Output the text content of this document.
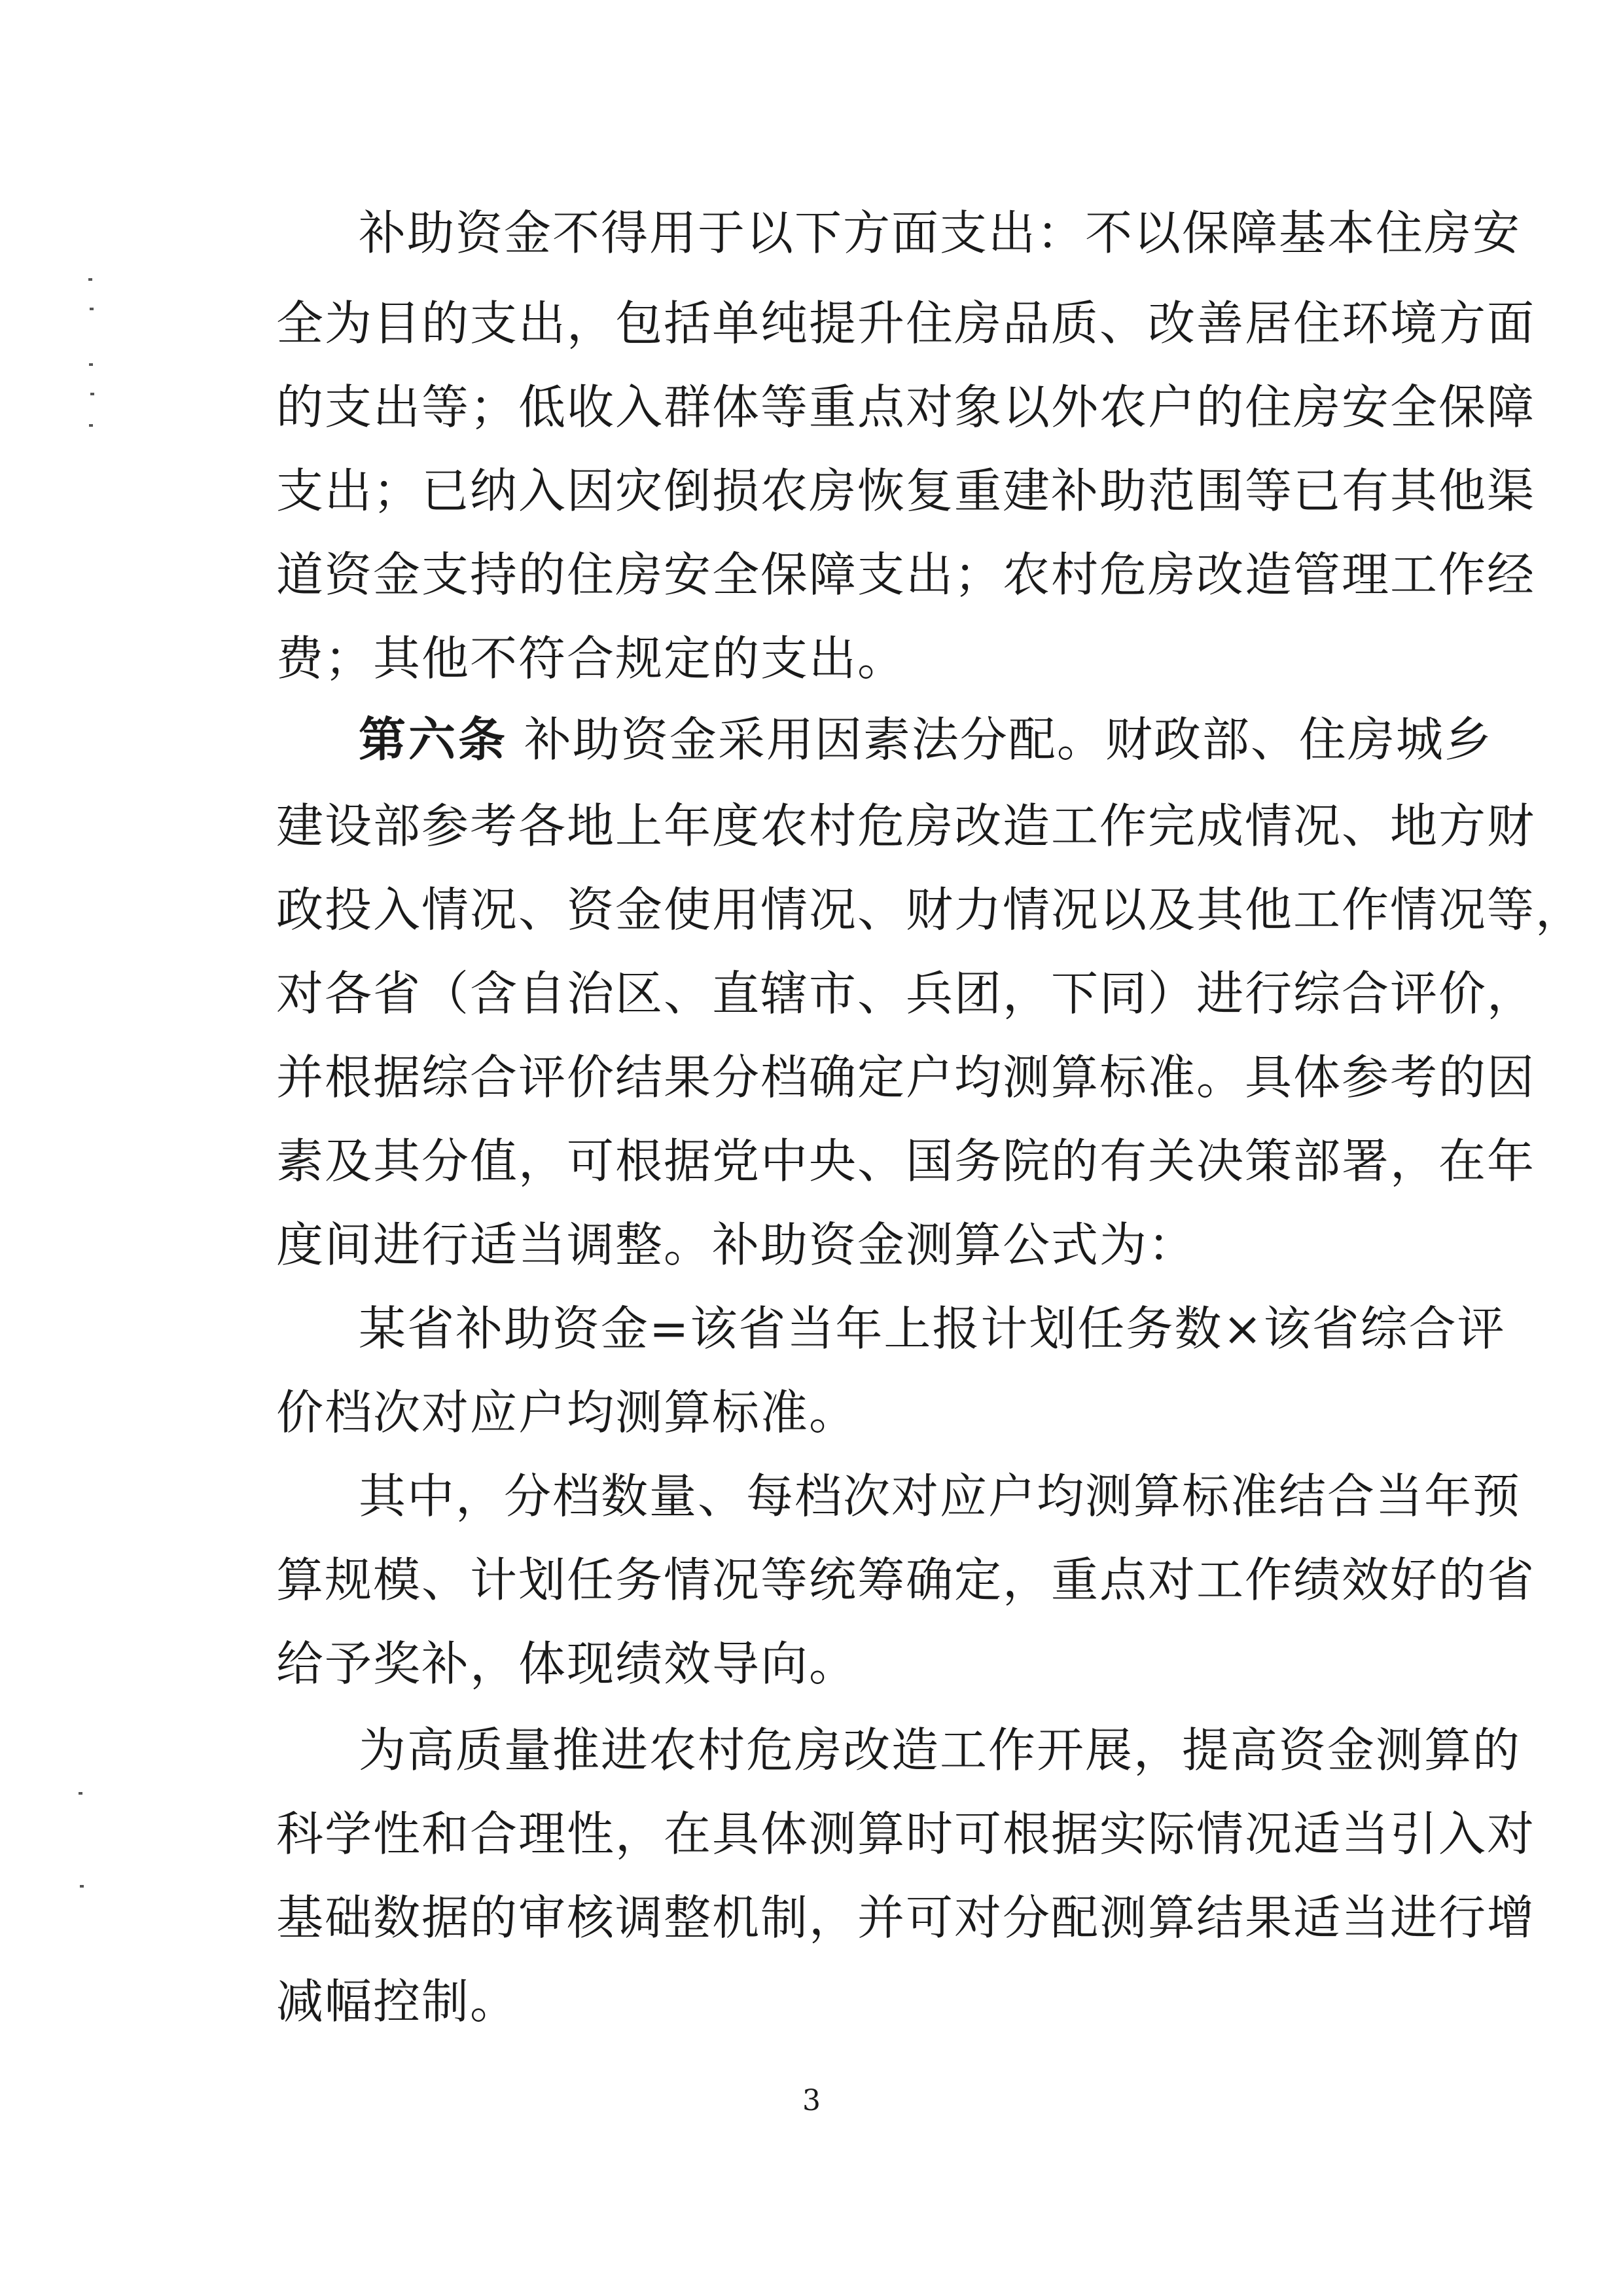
补助资金不得用于以下方面支出：不以保障基本住房安
全为目的支出，包括单纯提升住房品质、改善居住环境方面
的支出等；低收入群体等重点对象以外农户的住房安全保障
支出；已纳入因灾倒损农房恢复重建补助范围等已有其他渠
道资金支持的住房安全保障支出；农村危房改造管理工作经
费；其他不符合规定的支出。
第六条 补助资金采用因素法分配。财政部、住房城乡
建设部参考各地上年度农村危房改造工作完成情况、地方财
政投入情况、资金使用情况、财力情况以及其他工作情况等，
对各省（含自治区、直辖市、兵团，下同）进行综合评价，
并根据综合评价结果分档确定户均测算标准。具体参考的因
素及其分值，可根据党中央、国务院的有关决策部署，在年
度间进行适当调整。补助资金测算公式为：
某省补助资金=该省当年上报计划任务数×该省综合评
价档次对应户均测算标准。
其中，分档数量、每档次对应户均测算标准结合当年预
算规模、计划任务情况等统筹确定，重点对工作绩效好的省
给予奖补，体现绩效导向。
为高质量推进农村危房改造工作开展，提高资金测算的
科学性和合理性，在具体测算时可根据实际情况适当引入对
基础数据的审核调整机制，并可对分配测算结果适当进行增
减幅控制。
3
